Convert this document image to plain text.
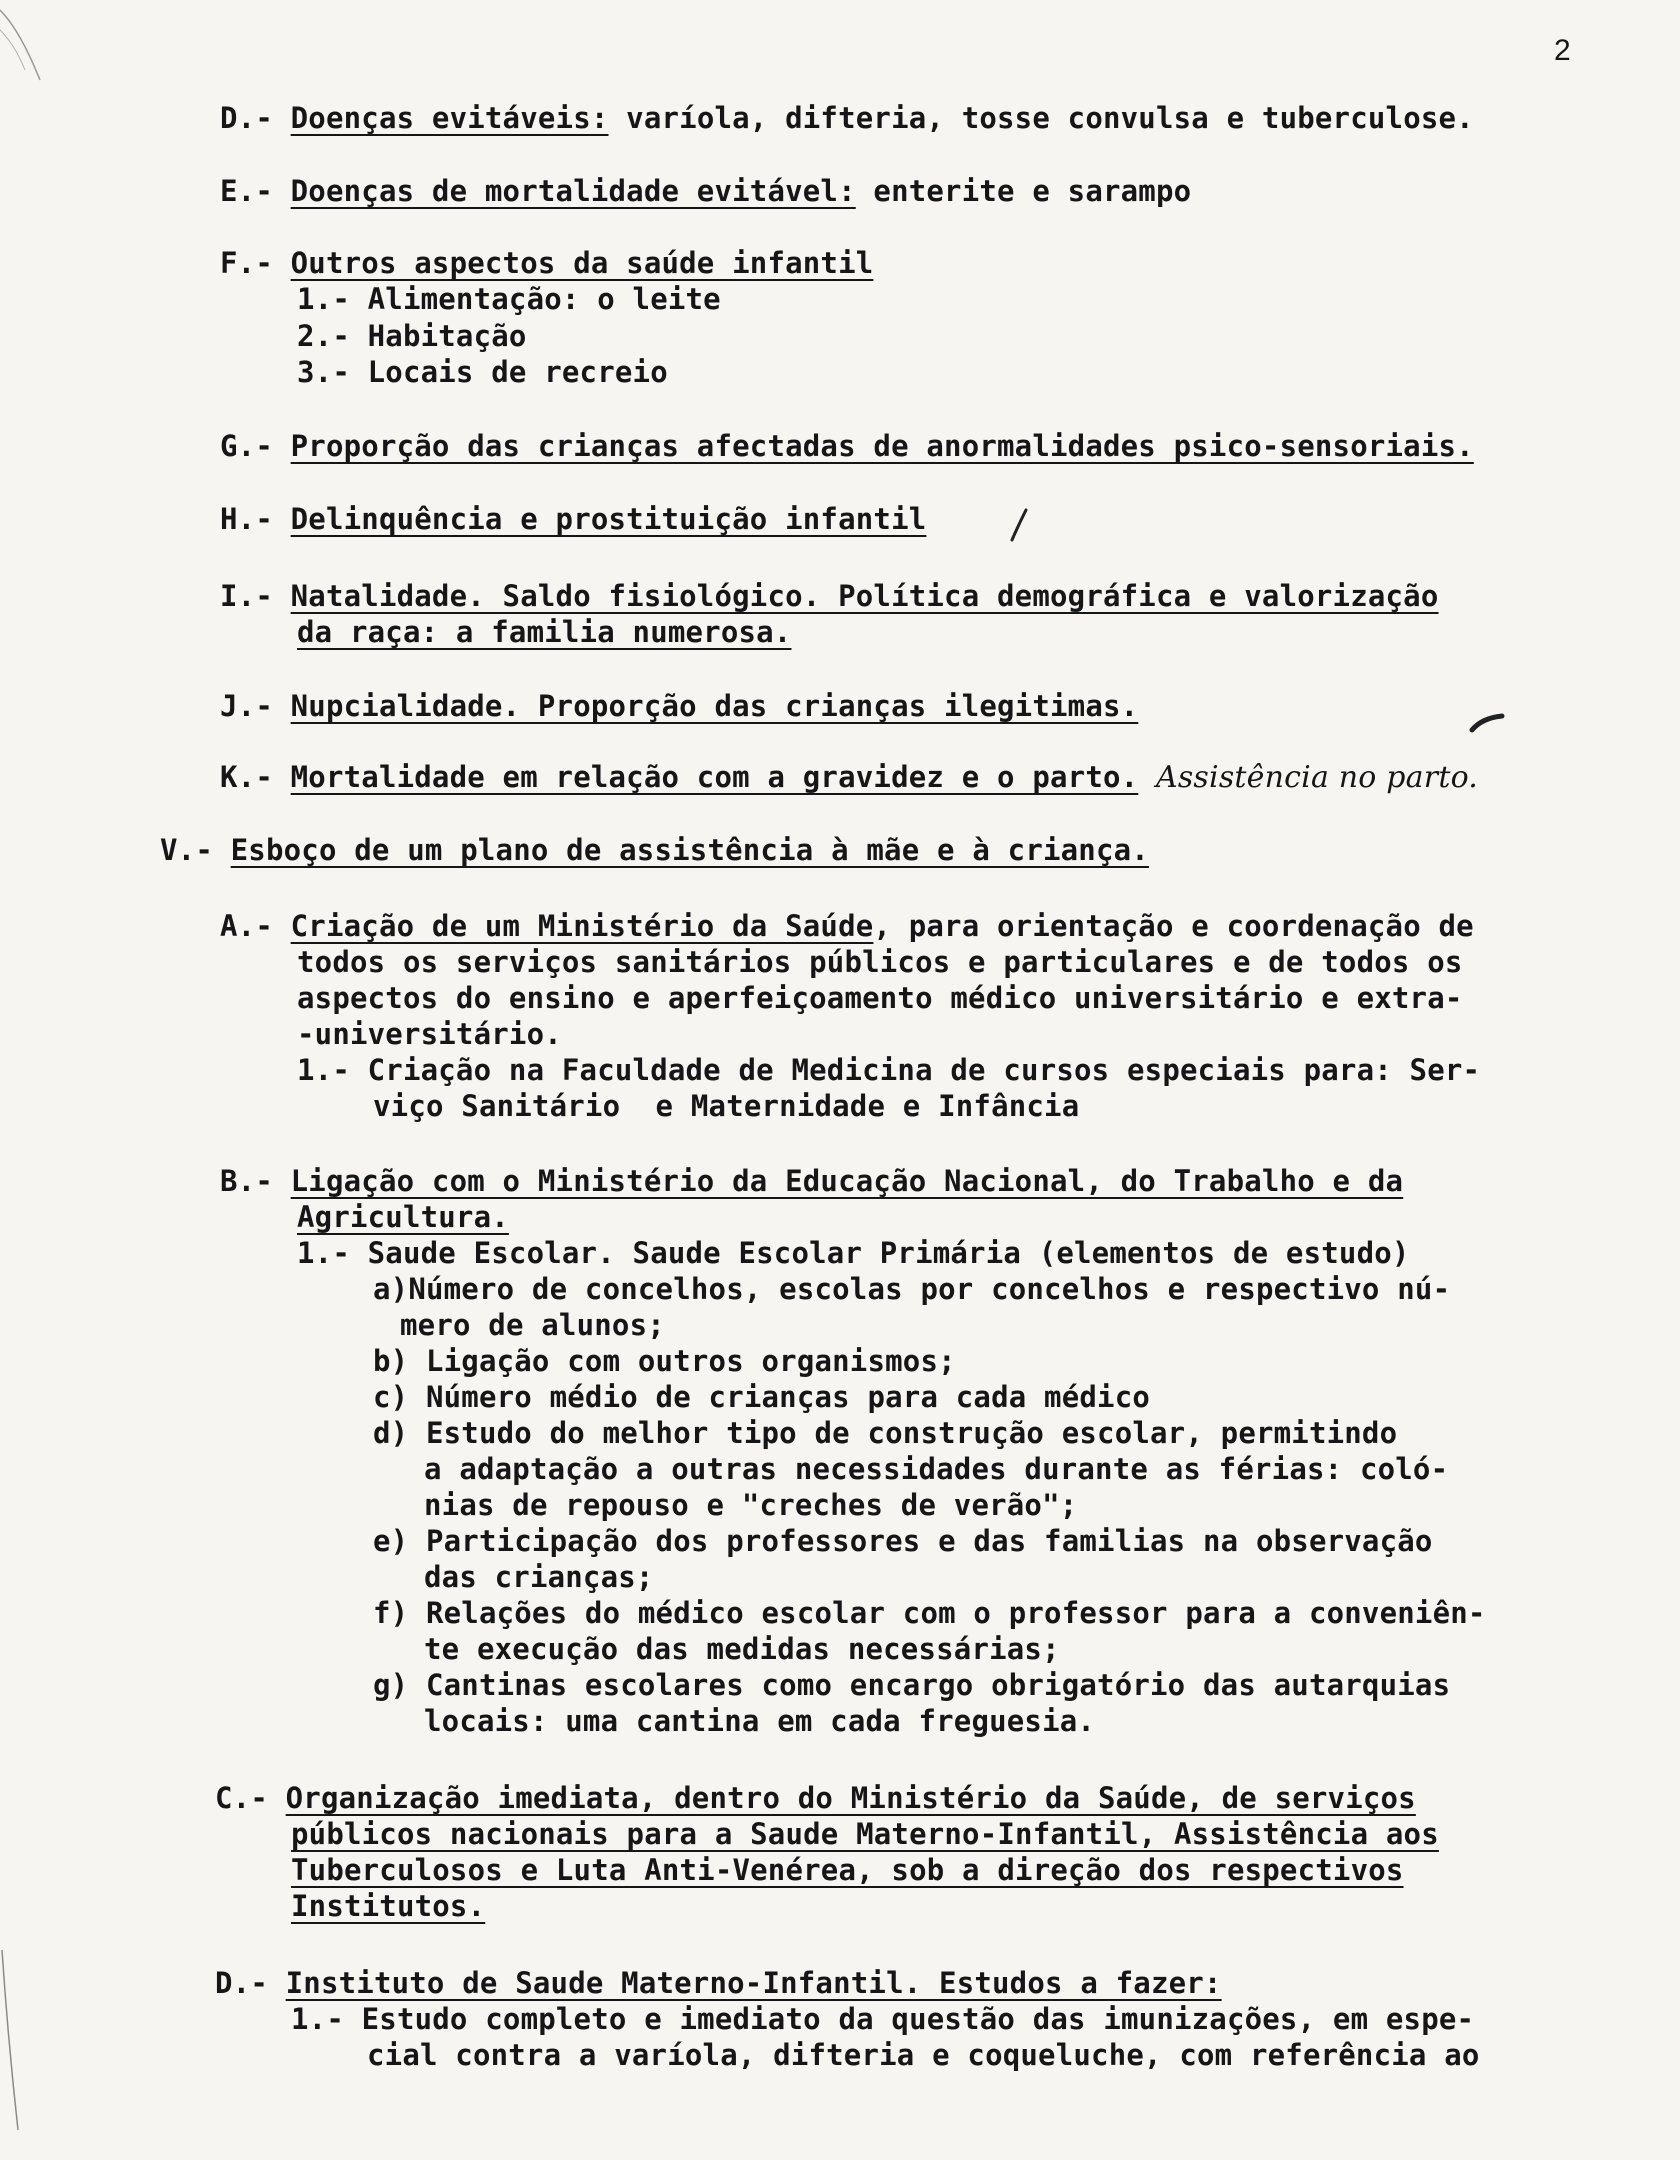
2
D.- Doenças evitáveis: varíola, difteria, tosse convulsa e tuberculose.
E.- Doenças de mortalidade evitável: enterite e sarampo
F.- Outros aspectos da saúde infantil
1.- Alimentação: o leite
2.- Habitação
3.- Locais de recreio
G.- Proporção das crianças afectadas de anormalidades psico-sensoriais.
H.- Delinquência e prostituição infantil
I.- Natalidade. Saldo fisiológico. Política demográfica e valorização
da raça: a familia numerosa.
J.- Nupcialidade. Proporção das crianças ilegitimas.
K.- Mortalidade em relação com a gravidez e o parto. Assistência no parto.
V.- Esboço de um plano de assistência à mãe e à criança.
A.- Criação de um Ministério da Saúde, para orientação e coordenação de
todos os serviços sanitários públicos e particulares e de todos os
aspectos do ensino e aperfeiçoamento médico universitário e extra-
-universitário.
1.- Criação na Faculdade de Medicina de cursos especiais para: Ser-
viço Sanitário  e Maternidade e Infância
B.- Ligação com o Ministério da Educação Nacional, do Trabalho e da
Agricultura.
1.- Saude Escolar. Saude Escolar Primária (elementos de estudo)
a)Número de concelhos, escolas por concelhos e respectivo nú-
mero de alunos;
b) Ligação com outros organismos;
c) Número médio de crianças para cada médico
d) Estudo do melhor tipo de construção escolar, permitindo
a adaptação a outras necessidades durante as férias: coló-
nias de repouso e "creches de verão";
e) Participação dos professores e das familias na observação
das crianças;
f) Relações do médico escolar com o professor para a conveniên-
te execução das medidas necessárias;
g) Cantinas escolares como encargo obrigatório das autarquias
locais: uma cantina em cada freguesia.
C.- Organização imediata, dentro do Ministério da Saúde, de serviços
públicos nacionais para a Saude Materno-Infantil, Assistência aos
Tuberculosos e Luta Anti-Venérea, sob a direção dos respectivos
Institutos.
D.- Instituto de Saude Materno-Infantil. Estudos a fazer:
1.- Estudo completo e imediato da questão das imunizações, em espe-
cial contra a varíola, difteria e coqueluche, com referência ao
